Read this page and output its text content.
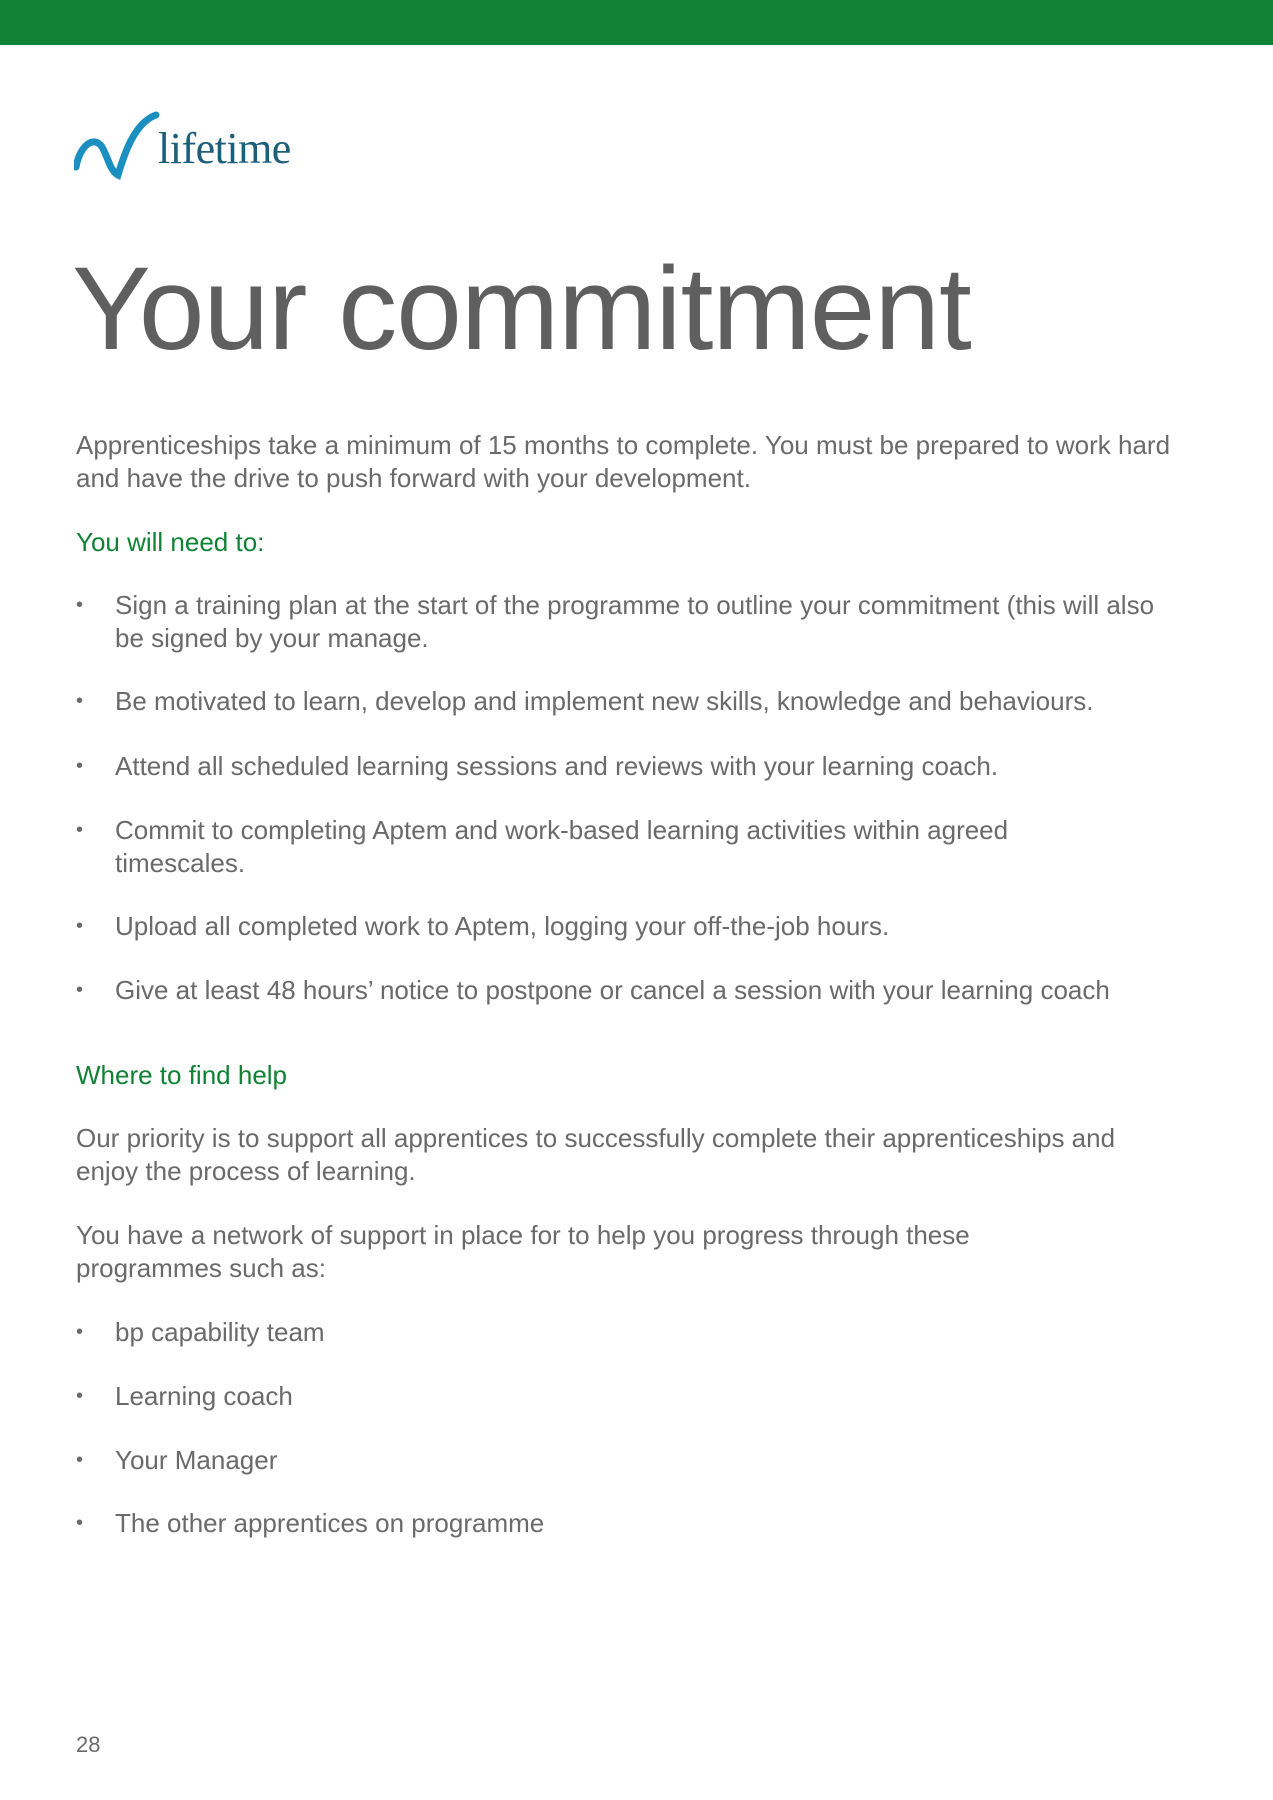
lifetime
Your commitment
Apprenticeships take a minimum of 15 months to complete. You must be prepared to work hard and have the drive to push forward with your development.
You will need to:
• Sign a training plan at the start of the programme to outline your commitment (this will also be signed by your manage.
• Be motivated to learn, develop and implement new skills, knowledge and behaviours.
• Attend all scheduled learning sessions and reviews with your learning coach.
• Commit to completing Aptem and work-based learning activities within agreed timescales.
• Upload all completed work to Aptem, logging your off-the-job hours.
• Give at least 48 hours’ notice to postpone or cancel a session with your learning coach
Where to find help
Our priority is to support all apprentices to successfully complete their apprenticeships and enjoy the process of learning.
You have a network of support in place for to help you progress through these programmes such as:
• bp capability team
• Learning coach
• Your Manager
• The other apprentices on programme
28
